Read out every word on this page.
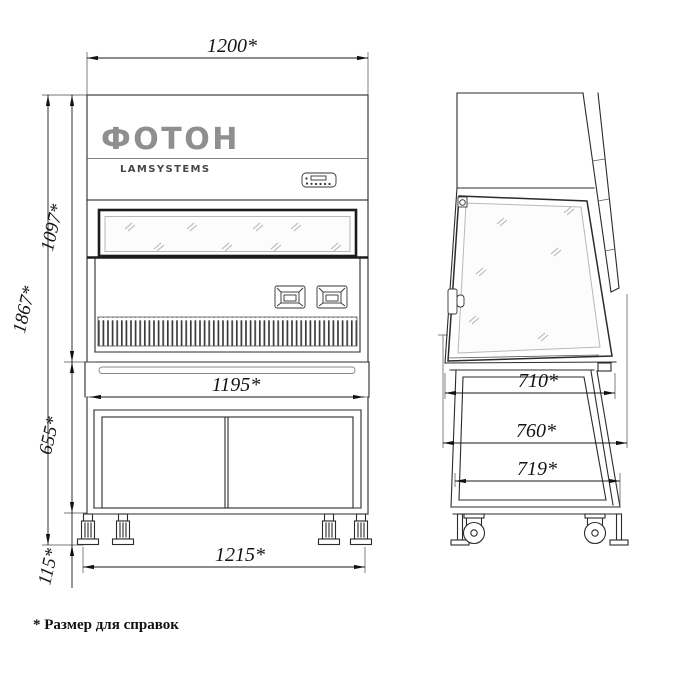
ФОТОН
LAMSYSTEMS
1200*
1867*
1097*
655*
115*
1195*
1215*
710*
760*
719*
* Размер для справок
